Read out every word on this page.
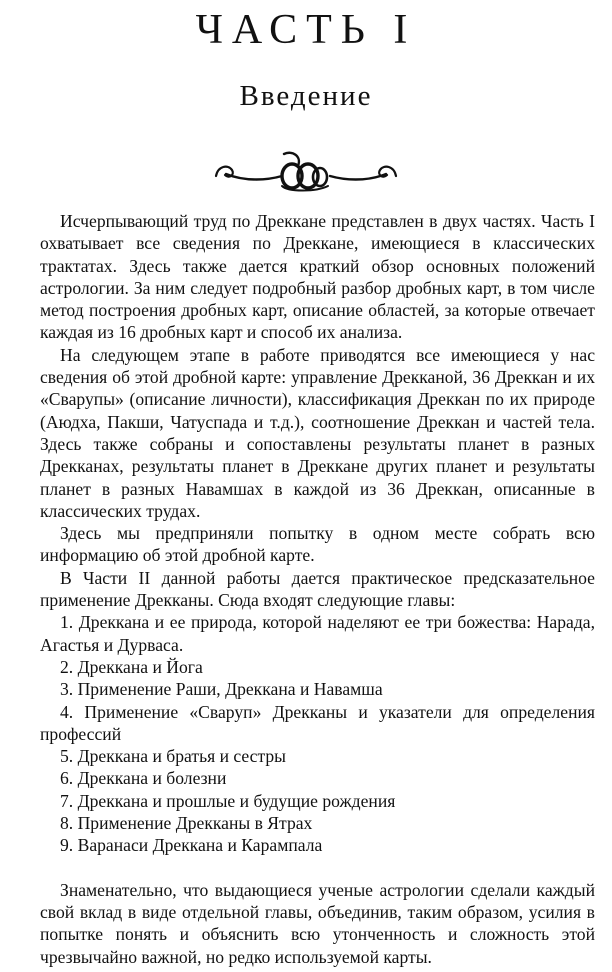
ЧАСТЬ I
Введение

Исчерпывающий труд по Дреккане представлен в двух частях. Часть I охватывает все сведения по Дреккане, имеющиеся в классических трактатах. Здесь также дается краткий обзор основных положений астрологии. За ним следует подробный разбор дробных карт, в том числе метод построения дробных карт, описание областей, за которые отвечает каждая из 16 дробных карт и способ их анализа.

На следующем этапе в работе приводятся все имеющиеся у нас сведения об этой дробной карте: управление Дрекканой, 36 Дреккан и их «Сварупы» (описание личности), классификация Дреккан по их природе (Аюдха, Пакши, Чатуспада и т.д.), соотношение Дреккан и частей тела. Здесь также собраны и сопоставлены результаты планет в разных Дрекканах, результаты планет в Дреккане других планет и результаты планет в разных Навамшах в каждой из 36 Дреккан, описанные в классических трудах.

Здесь мы предприняли попытку в одном месте собрать всю информацию об этой дробной карте.

В Части II данной работы дается практическое предсказательное применение Дрекканы. Сюда входят следующие главы:

1. Дреккана и ее природа, которой наделяют ее три божества: Нарада, Агастья и Дурваса.

2. Дреккана и Йога

3. Применение Раши, Дреккана и Навамша

4. Применение «Сваруп» Дрекканы и указатели для определения профессий

5. Дреккана и братья и сестры

6. Дреккана и болезни

7. Дреккана и прошлые и будущие рождения

8. Применение Дрекканы в Ятрах

9. Варанаси Дреккана и Карампала

Знаменательно, что выдающиеся ученые астрологии сделали каждый свой вклад в виде отдельной главы, объединив, таким образом, усилия в попытке понять и объяснить всю утонченность и сложность этой чрезвычайно важной, но редко используемой карты.
